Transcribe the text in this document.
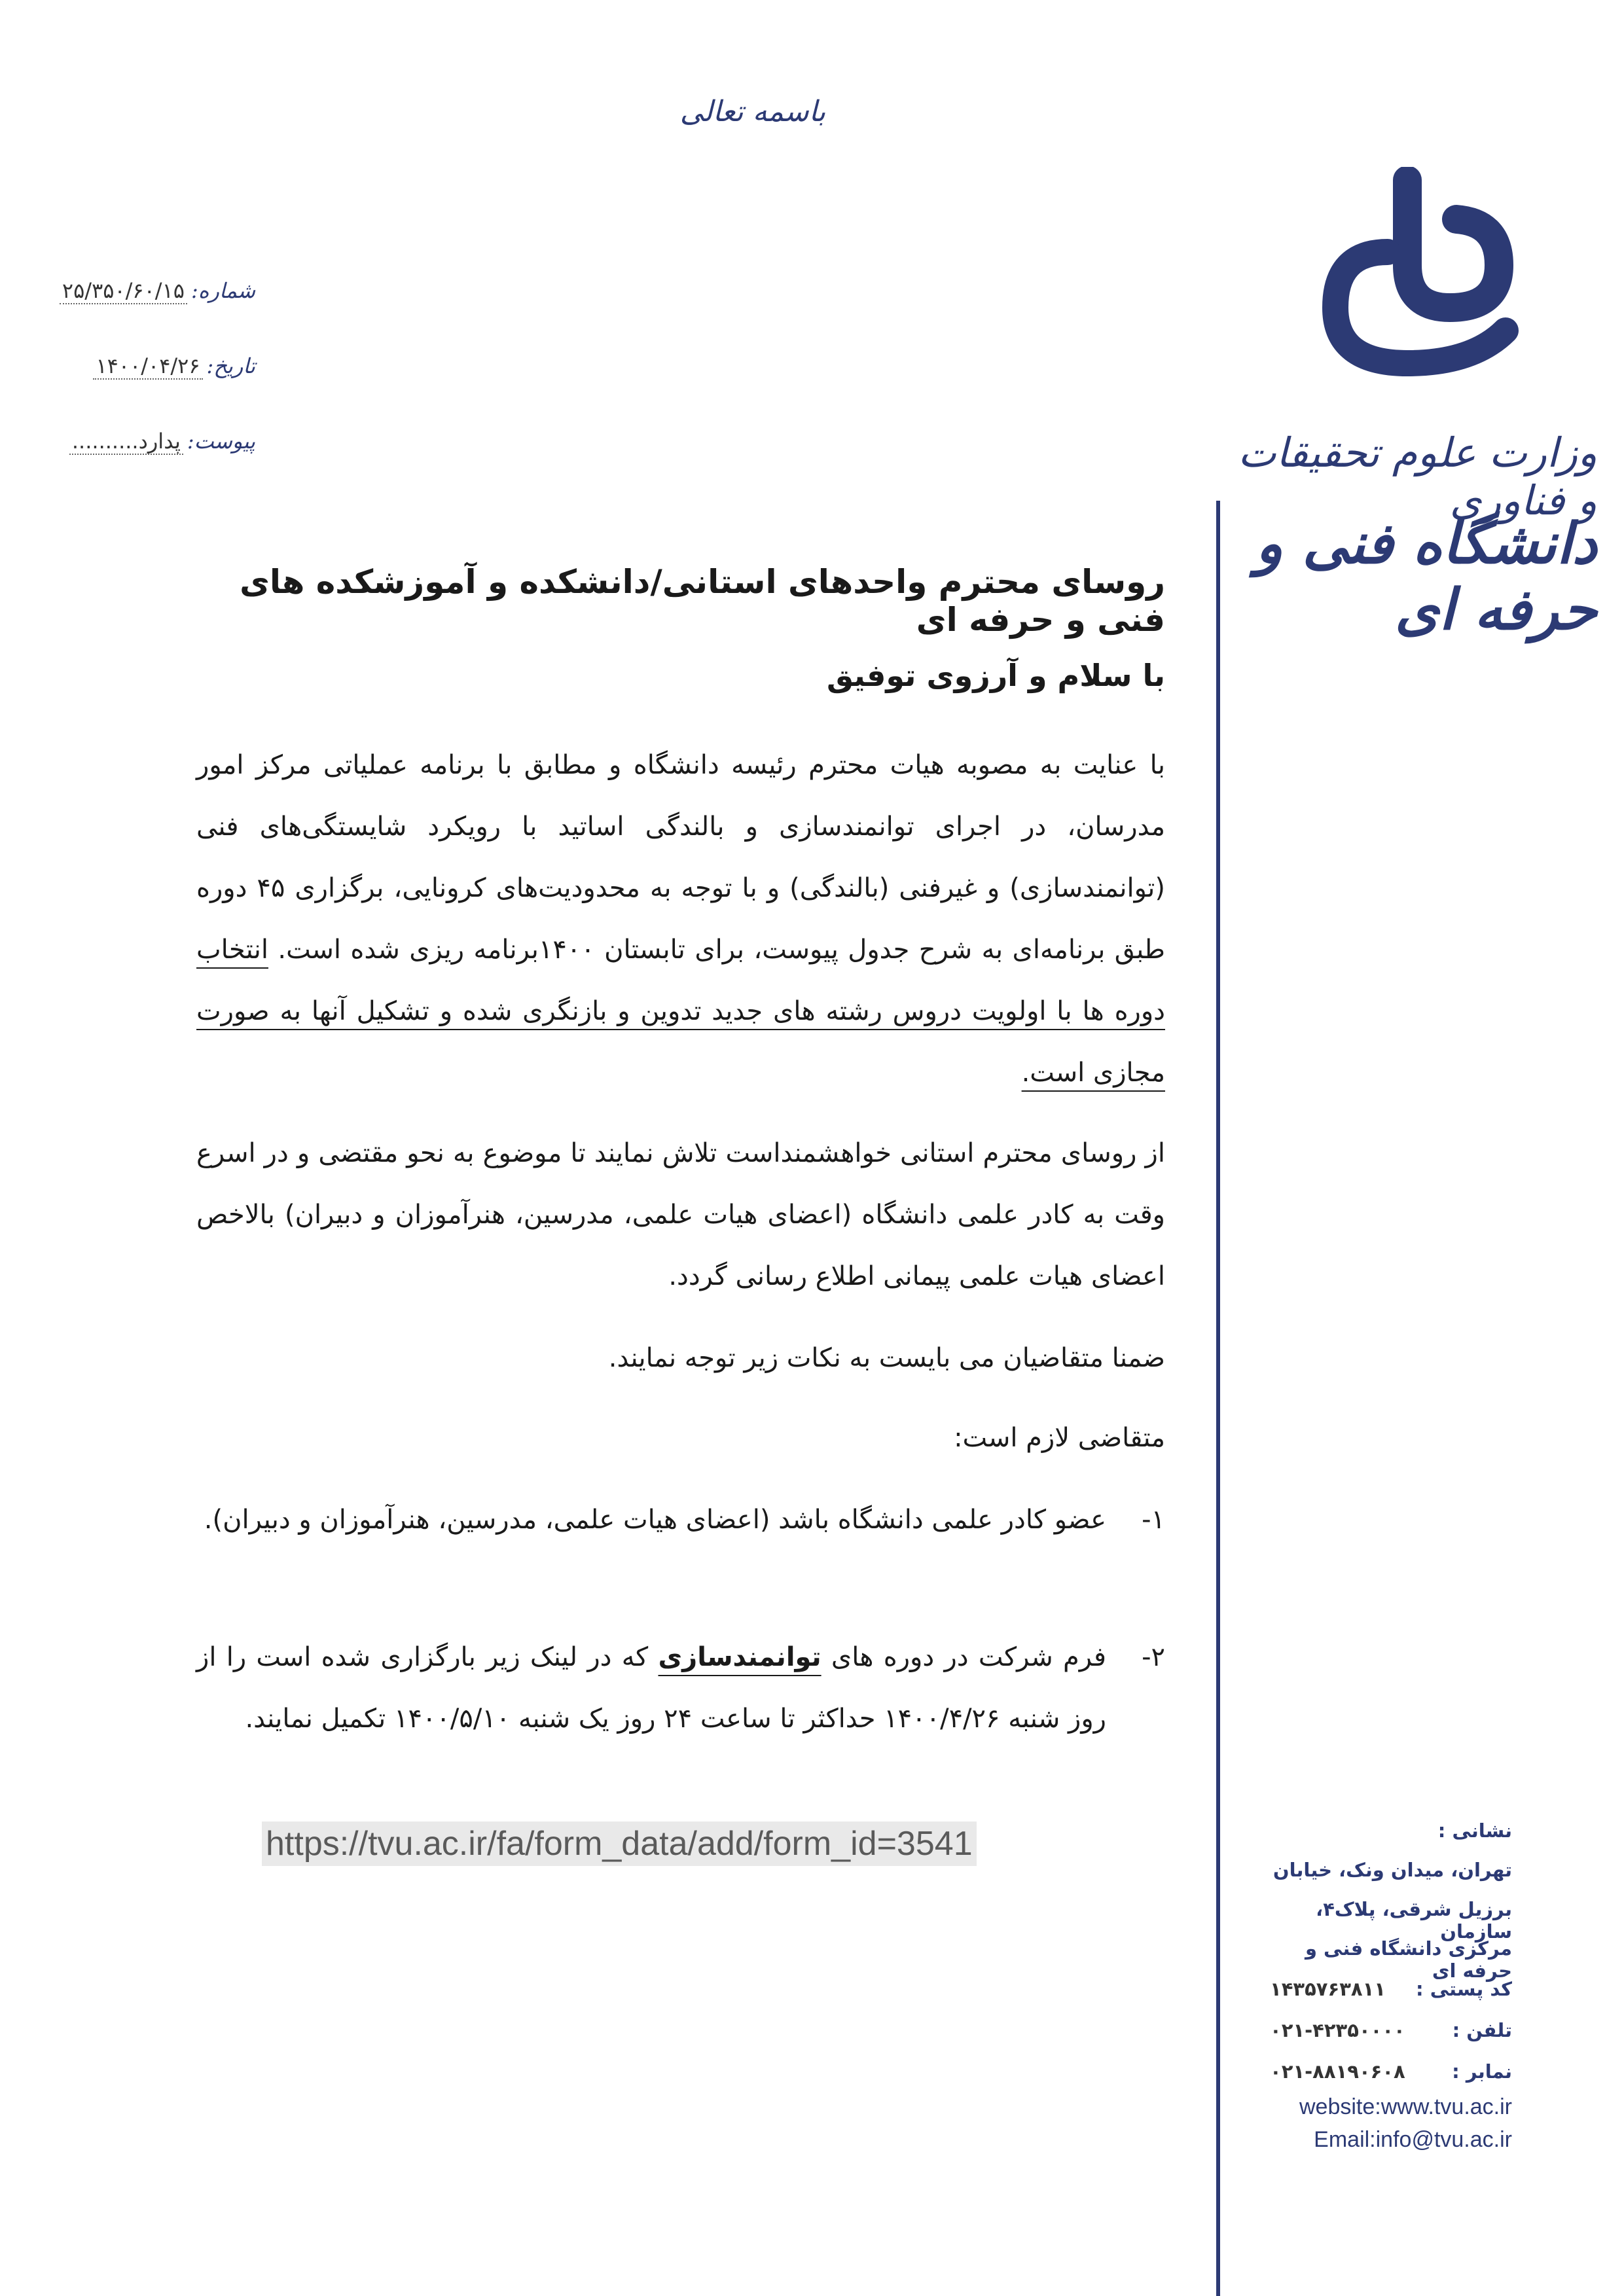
باسمه تعالی
شماره:
۲۵/۳۵۰/۶۰/۱۵
تاریخ:
۱۴۰۰/۰۴/۲۶
پیوست:
پدارد..........	وزارت علوم تحقیقات و فناوری
دانشگاه فنی و حرفه ای
روسای محترم واحدهای استانی/دانشکده و آموزشکده های فنی و حرفه ای
با سلام و آرزوی توفیق
با عنایت به مصوبه هیات محترم رئیسه دانشگاه و مطابق با برنامه عملیاتی مرکز امور مدرسان، در اجرای توانمندسازی و بالندگی اساتید با رویکرد شایستگی‌های فنی (توانمندسازی) و غیرفنی (بالندگی) و با توجه به محدودیت‌های کرونایی، برگزاری ۴۵ دوره طبق برنامه‌ای به شرح جدول پیوست، برای تابستان ۱۴۰۰برنامه ریزی شده است. انتخاب دوره ها با اولویت دروس رشته های جدید تدوین و بازنگری شده و تشکیل آنها به صورت مجازی است.
از روسای محترم استانی خواهشمنداست تلاش نمایند تا موضوع به نحو مقتضی و در اسرع وقت به کادر علمی دانشگاه (اعضای هیات علمی، مدرسین، هنرآموزان و دبیران) بالاخص اعضای هیات علمی پیمانی اطلاع رسانی گردد.
ضمنا متقاضیان می بایست به نکات زیر توجه نمایند.
متقاضی لازم است:
۱-
عضو کادر علمی دانشگاه باشد (اعضای هیات علمی، مدرسین، هنرآموزان و دبیران).
۲-
فرم شرکت در دوره های توانمندسازی که در لینک زیر بارگزاری شده است را از روز شنبه ۱۴۰۰/۴/۲۶ حداکثر تا ساعت ۲۴ روز یک شنبه ۱۴۰۰/۵/۱۰ تکمیل نمایند.
https://tvu.ac.ir/fa/form_data/add/form_id=3541	نشانی :
تهران، میدان ونک، خیابان
برزیل شرقی، پلاک۴، سازمان
مرکزی دانشگاه فنی و حرفه ای
کد پستی :
۱۴۳۵۷۶۳۸۱۱
تلفن :
۰۲۱-۴۲۳۵۰۰۰۰
نمابر :
۰۲۱-۸۸۱۹۰۶۰۸
website:www.tvu.ac.ir
Email:info@tvu.ac.ir
